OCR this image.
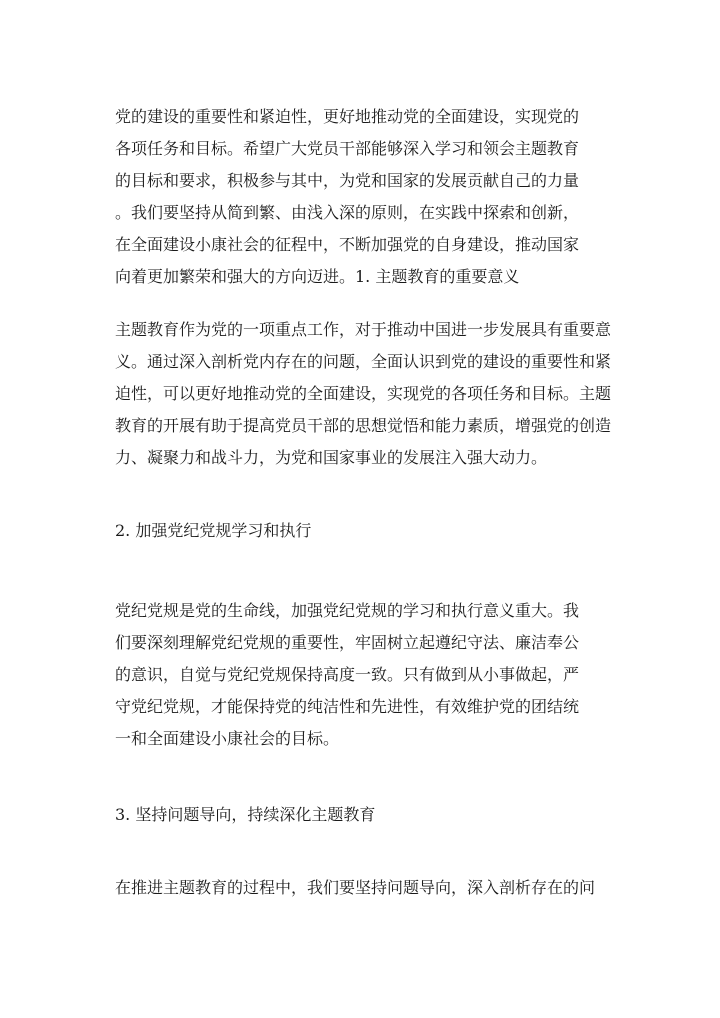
党的建设的重要性和紧迫性，更好地推动党的全面建设，实现党的
各项任务和目标。希望广大党员干部能够深入学习和领会主题教育
的目标和要求，积极参与其中，为党和国家的发展贡献自己的力量
。我们要坚持从简到繁、由浅入深的原则，在实践中探索和创新，
在全面建设小康社会的征程中，不断加强党的自身建设，推动国家
向着更加繁荣和强大的方向迈进。1. 主题教育的重要意义

主题教育作为党的一项重点工作，对于推动中国进一步发展具有重要意
义。通过深入剖析党内存在的问题，全面认识到党的建设的重要性和紧
迫性，可以更好地推动党的全面建设，实现党的各项任务和目标。主题
教育的开展有助于提高党员干部的思想觉悟和能力素质，增强党的创造
力、凝聚力和战斗力，为党和国家事业的发展注入强大动力。

2. 加强党纪党规学习和执行

党纪党规是党的生命线，加强党纪党规的学习和执行意义重大。我
们要深刻理解党纪党规的重要性，牢固树立起遵纪守法、廉洁奉公
的意识，自觉与党纪党规保持高度一致。只有做到从小事做起，严
守党纪党规，才能保持党的纯洁性和先进性，有效维护党的团结统
一和全面建设小康社会的目标。

3. 坚持问题导向，持续深化主题教育

在推进主题教育的过程中，我们要坚持问题导向，深入剖析存在的问
